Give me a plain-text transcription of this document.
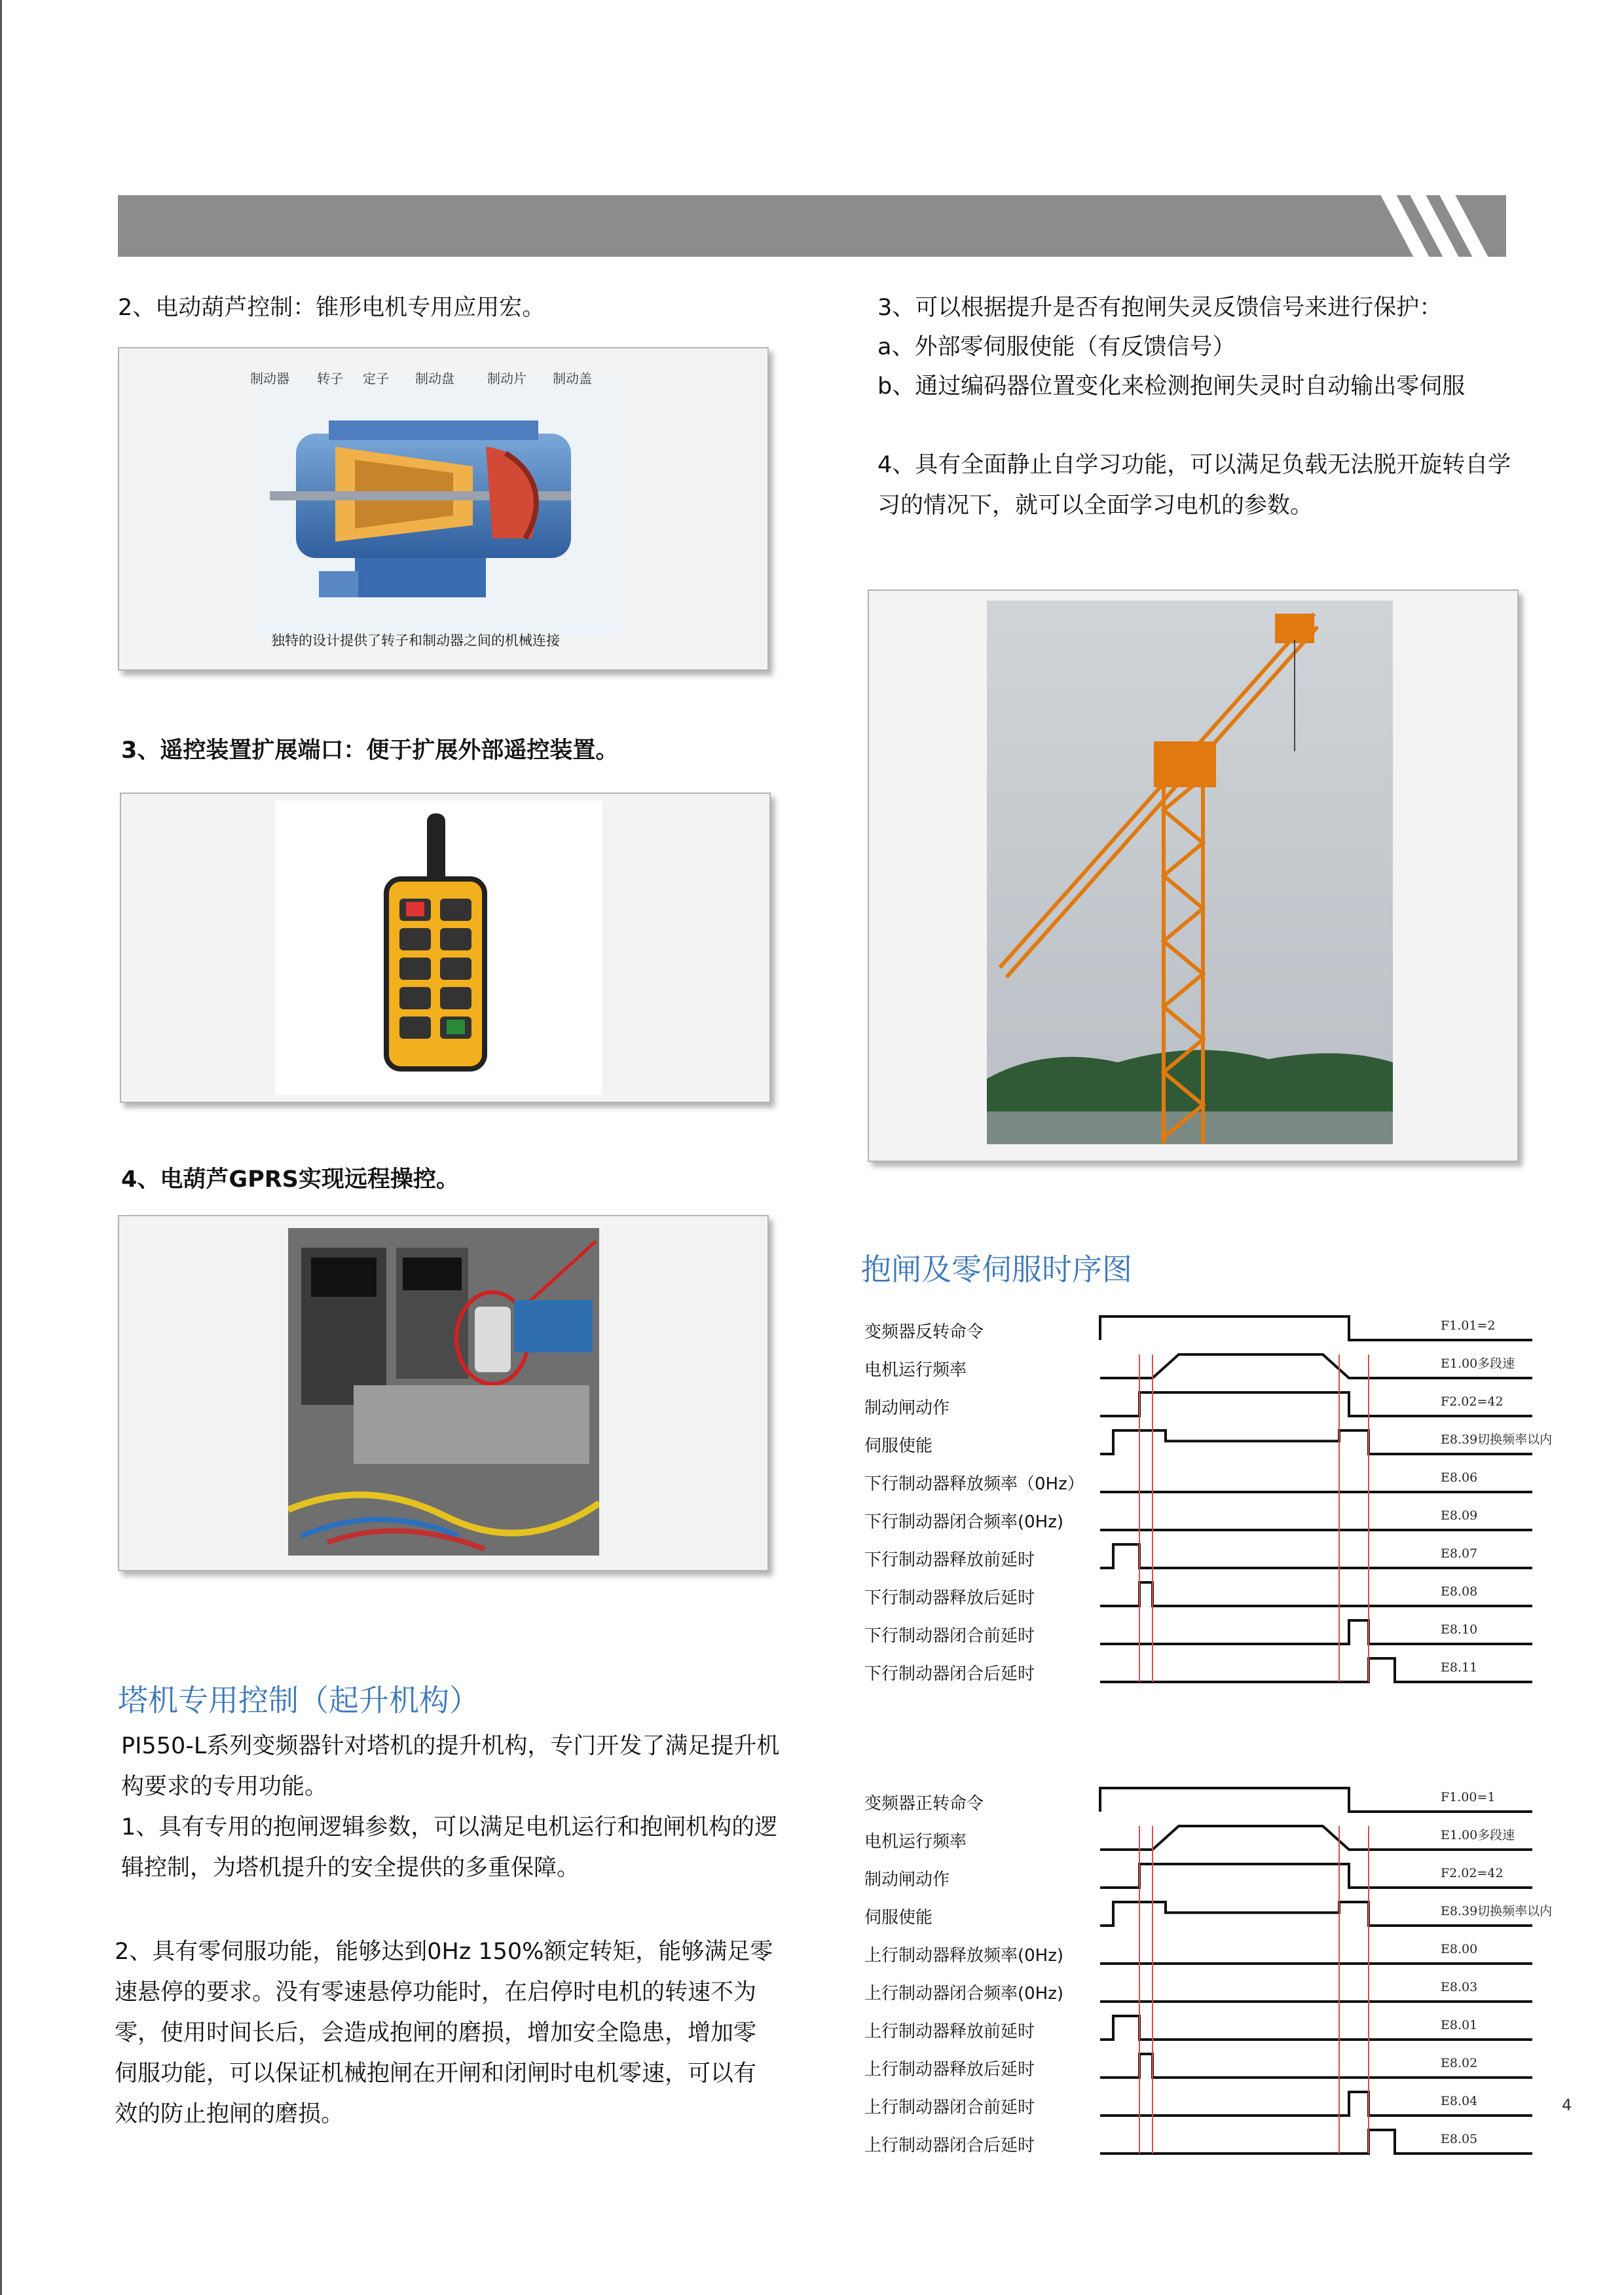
2、电动葫芦控制：锥形电机专用应用宏。
制动器 转子 定子 制动盘	制动片 制动盖
独特的设计提供了转子和制动器之间的机械连接
3、遥控装置扩展端口：便于扩展外部遥控装置。
4、电葫芦GPRS实现远程操控。
塔机专用控制（起升机构）
PI550-L系列变频器针对塔机的提升机构，专门开发了满足提升机
构要求的专用功能。
1、具有专用的抱闸逻辑参数，可以满足电机运行和抱闸机构的逻
辑控制，为塔机提升的安全提供的多重保障。
2、具有零伺服功能，能够达到0Hz 150%额定转矩，能够满足零
速悬停的要求。没有零速悬停功能时，在启停时电机的转速不为
零，使用时间长后，会造成抱闸的磨损，增加安全隐患，增加零
伺服功能，可以保证机械抱闸在开闸和闭闸时电机零速，可以有
效的防止抱闸的磨损。
3、可以根据提升是否有抱闸失灵反馈信号来进行保护：
a、外部零伺服使能（有反馈信号）
b、通过编码器位置变化来检测抱闸失灵时自动输出零伺服
4、具有全面静止自学习功能，可以满足负载无法脱开旋转自学
习的情况下，就可以全面学习电机的参数。
抱闸及零伺服时序图
变频器反转命令	F1.01=2
电机运行频率	E1.00多段速
制动闸动作	F2.02=42
伺服使能	E8.39切换频率以内
下行制动器释放频率（0Hz）	E8.06
下行制动器闭合频率(0Hz)	E8.09
下行制动器释放前延时	E8.07
下行制动器释放后延时	E8.08
下行制动器闭合前延时	E8.10
下行制动器闭合后延时	E8.11
变频器正转命令	F1.00=1
电机运行频率	E1.00多段速
制动闸动作	F2.02=42
伺服使能	E8.39切换频率以内
上行制动器释放频率(0Hz)	E8.00
上行制动器闭合频率(0Hz)	E8.03
上行制动器释放前延时	E8.01
上行制动器释放后延时	E8.02
上行制动器闭合前延时	E8.04
上行制动器闭合后延时	E8.05
4
